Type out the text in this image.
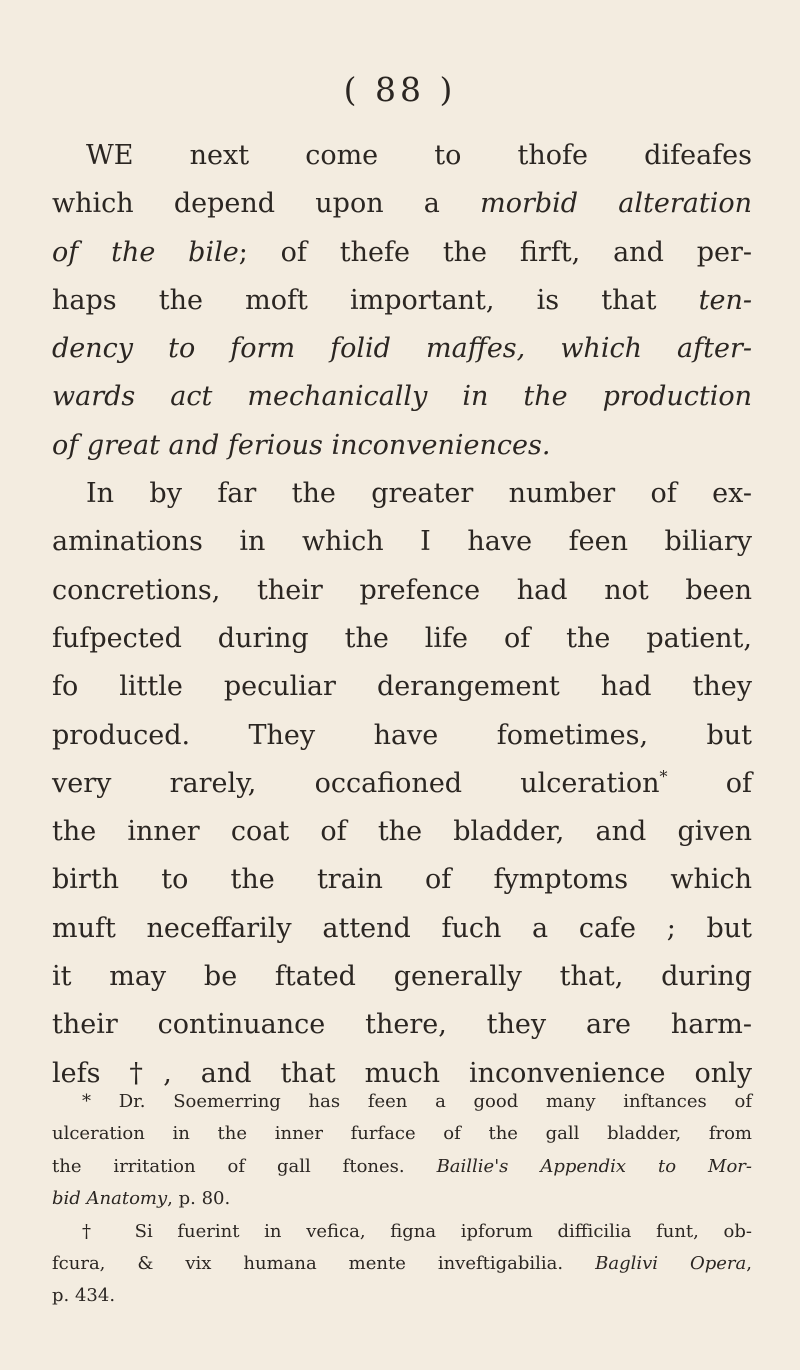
( 88 )
WE next come to thofe difeafes
which depend upon a morbid alteration
of the bile; of thefe the firft, and per-
haps the moft important, is that ten-
dency to form folid maffes, which after-
wards act mechanically in the production
of great and ferious inconveniences.
In by far the greater number of ex-
aminations in which I have feen biliary
concretions, their prefence had not been
fufpected during the life of the patient,
fo little peculiar derangement had they
produced. They have fometimes, but
very rarely, occafioned ulceration* of
the inner coat of the bladder, and given
birth to the train of fymptoms which
muft neceffarily attend fuch a cafe ; but
it may be ftated generally that, during
their continuance there, they are harm-
lefs †, and that much inconvenience only
* Dr. Soemerring has feen a good many inftances of
ulceration in the inner furface of the gall bladder, from
the irritation of gall ftones. Baillie's Appendix to Mor-
bid Anatomy, p. 80.
† Si fuerint in vefica, figna ipforum difficilia funt, ob-
fcura, & vix humana mente inveftigabilia. Baglivi Opera,
p. 434.
